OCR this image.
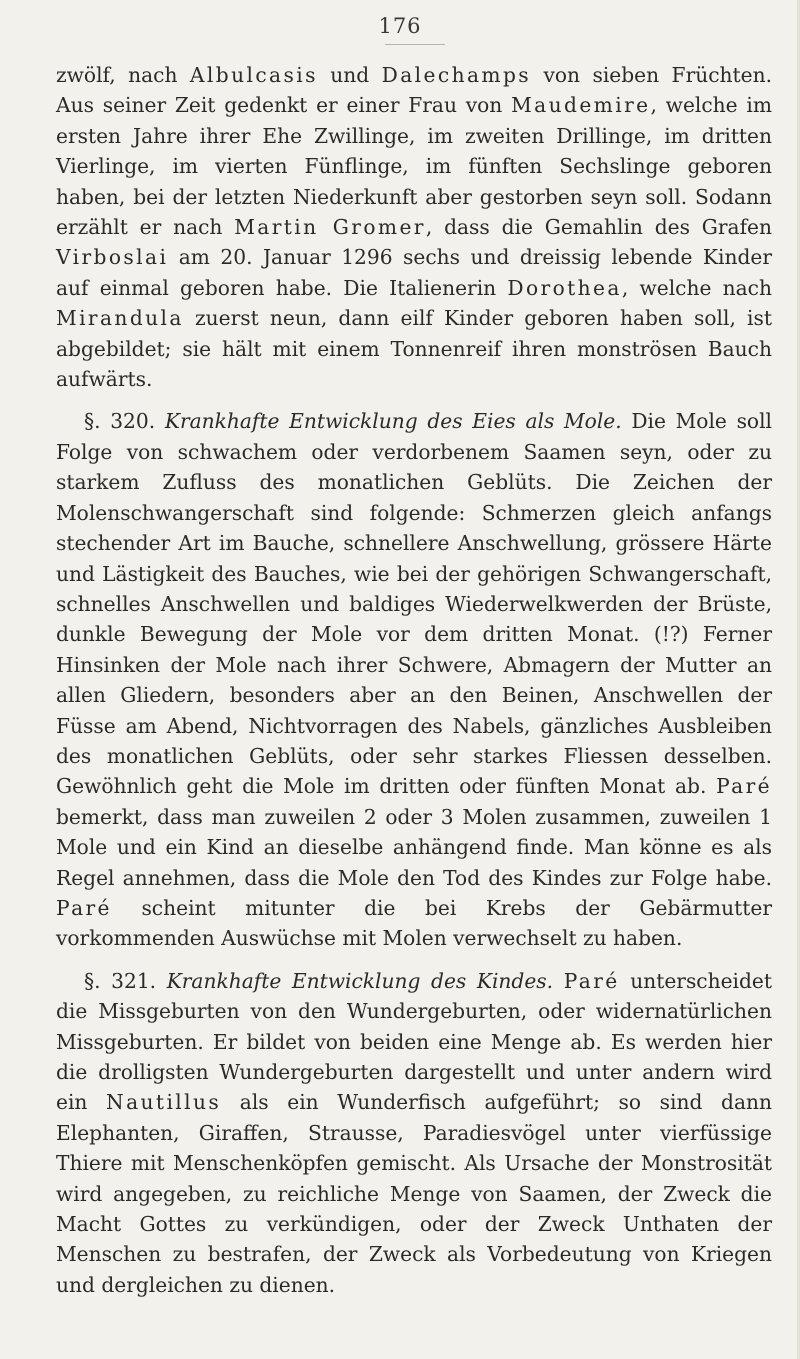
176

zwölf, nach Albulcasis und Dalechamps von sieben Früchten. Aus seiner Zeit gedenkt er einer Frau von Maudemire, welche im ersten Jahre ihrer Ehe Zwillinge, im zweiten Drillinge, im dritten Vierlinge, im vierten Fünflinge, im fünften Sechslinge geboren haben, bei der letzten Niederkunft aber gestorben seyn soll. Sodann erzählt er nach Martin Gromer, dass die Gemahlin des Grafen Virboslai am 20. Januar 1296 sechs und dreissig lebende Kinder auf einmal geboren habe. Die Italienerin Dorothea, welche nach Mirandula zuerst neun, dann eilf Kinder geboren haben soll, ist abgebildet; sie hält mit einem Tonnenreif ihren monströsen Bauch aufwärts.

§. 320. Krankhafte Entwicklung des Eies als Mole. Die Mole soll Folge von schwachem oder verdorbenem Saamen seyn, oder zu starkem Zufluss des monatlichen Geblüts. Die Zeichen der Molenschwangerschaft sind folgende: Schmerzen gleich anfangs stechender Art im Bauche, schnellere Anschwellung, grössere Härte und Lästigkeit des Bauches, wie bei der gehörigen Schwangerschaft, schnelles Anschwellen und baldiges Wiederwelkwerden der Brüste, dunkle Bewegung der Mole vor dem dritten Monat. (!?) Ferner Hinsinken der Mole nach ihrer Schwere, Abmagern der Mutter an allen Gliedern, besonders aber an den Beinen, Anschwellen der Füsse am Abend, Nichtvorragen des Nabels, gänzliches Ausbleiben des monatlichen Geblüts, oder sehr starkes Fliessen desselben. Gewöhnlich geht die Mole im dritten oder fünften Monat ab. Paré bemerkt, dass man zuweilen 2 oder 3 Molen zusammen, zuweilen 1 Mole und ein Kind an dieselbe anhängend finde. Man könne es als Regel annehmen, dass die Mole den Tod des Kindes zur Folge habe. Paré scheint mitunter die bei Krebs der Gebärmutter vorkommenden Auswüchse mit Molen verwechselt zu haben.

§. 321. Krankhafte Entwicklung des Kindes. Paré unterscheidet die Missgeburten von den Wundergeburten, oder widernatürlichen Missgeburten. Er bildet von beiden eine Menge ab. Es werden hier die drolligsten Wundergeburten dargestellt und unter andern wird ein Nautillus als ein Wunderfisch aufgeführt; so sind dann Elephanten, Giraffen, Strausse, Paradiesvögel unter vierfüssige Thiere mit Menschenköpfen gemischt. Als Ursache der Monstrosität wird angegeben, zu reichliche Menge von Saamen, der Zweck die Macht Gottes zu verkündigen, oder der Zweck Unthaten der Menschen zu bestrafen, der Zweck als Vorbedeutung von Kriegen und dergleichen zu dienen.
